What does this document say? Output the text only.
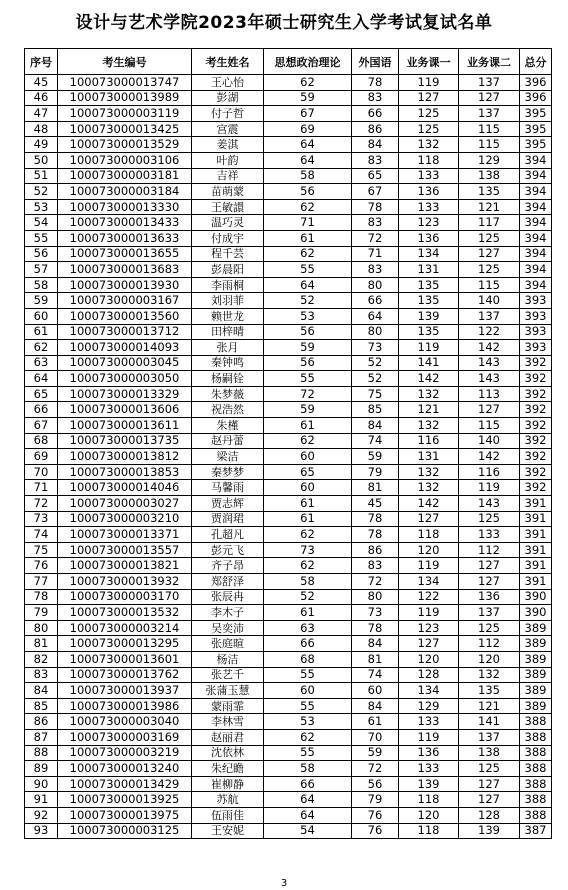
设计与艺术学院2023年硕士研究生入学考试复试名单
序号	考生编号	考生姓名	思想政治理论	外国语	业务课一	业务课二	总分
45	100073000013747	王心怡	62	78	119	137	396
46	100073000013989	彭湖	59	83	127	127	396
47	100073000003119	付子哲	67	66	125	137	395
48	100073000013425	宫震	69	86	125	115	395
49	100073000013529	姜淇	64	84	132	115	395
50	100073000003106	叶韵	64	83	118	129	394
51	100073000003181	吉祥	58	65	133	138	394
52	100073000003184	苗萌蒙	56	67	136	135	394
53	100073000013330	王敏譞	62	78	133	121	394
54	100073000013433	温巧灵	71	83	123	117	394
55	100073000013633	付成宇	61	72	136	125	394
56	100073000013655	程千芸	62	71	134	127	394
57	100073000013683	彭晨阳	55	83	131	125	394
58	100073000013930	李雨桐	64	80	135	115	394
59	100073000003167	刘羽菲	52	66	135	140	393
60	100073000013560	赖世龙	53	64	139	137	393
61	100073000013712	田梓晴	56	80	135	122	393
62	100073000014093	张月	59	73	119	142	393
63	100073000003045	秦钟鸣	56	52	141	143	392
64	100073000003050	杨嗣铨	55	52	142	143	392
65	100073000013329	朱梦薇	72	75	132	113	392
66	100073000013606	祝浩然	59	85	121	127	392
67	100073000013611	朱槿	61	84	132	115	392
68	100073000013735	赵丹蕾	62	74	116	140	392
69	100073000013812	梁洁	60	59	131	142	392
70	100073000013853	秦梦梦	65	79	132	116	392
71	100073000014046	马馨雨	60	81	132	119	392
72	100073000003027	贾志辉	61	45	142	143	391
73	100073000003210	贾润珺	61	78	127	125	391
74	100073000013371	孔超凡	62	78	118	133	391
75	100073000013557	彭元飞	73	86	120	112	391
76	100073000013821	齐子昂	62	83	119	127	391
77	100073000013932	郑舒泽	58	72	134	127	391
78	100073000003170	张辰冉	52	80	122	136	390
79	100073000013532	李木子	61	73	119	137	390
80	100073000003214	吴奕沛	63	78	123	125	389
81	100073000013295	张庭暄	66	84	127	112	389
82	100073000013601	杨洁	68	81	120	120	389
83	100073000013762	张艺千	55	74	128	132	389
84	100073000013937	张蒲玉慧	60	60	134	135	389
85	100073000013986	蒙雨霏	55	84	129	121	389
86	100073000003040	李林雪	53	61	133	141	388
87	100073000003169	赵丽君	62	70	119	137	388
88	100073000003219	沈依林	55	59	136	138	388
89	100073000013240	朱纪瞻	58	72	133	125	388
90	100073000013429	崔柳静	66	56	139	127	388
91	100073000013925	苏航	64	79	118	127	388
92	100073000013975	伍雨佳	64	76	120	128	388
93	100073000003125	王安妮	54	76	118	139	387
3
